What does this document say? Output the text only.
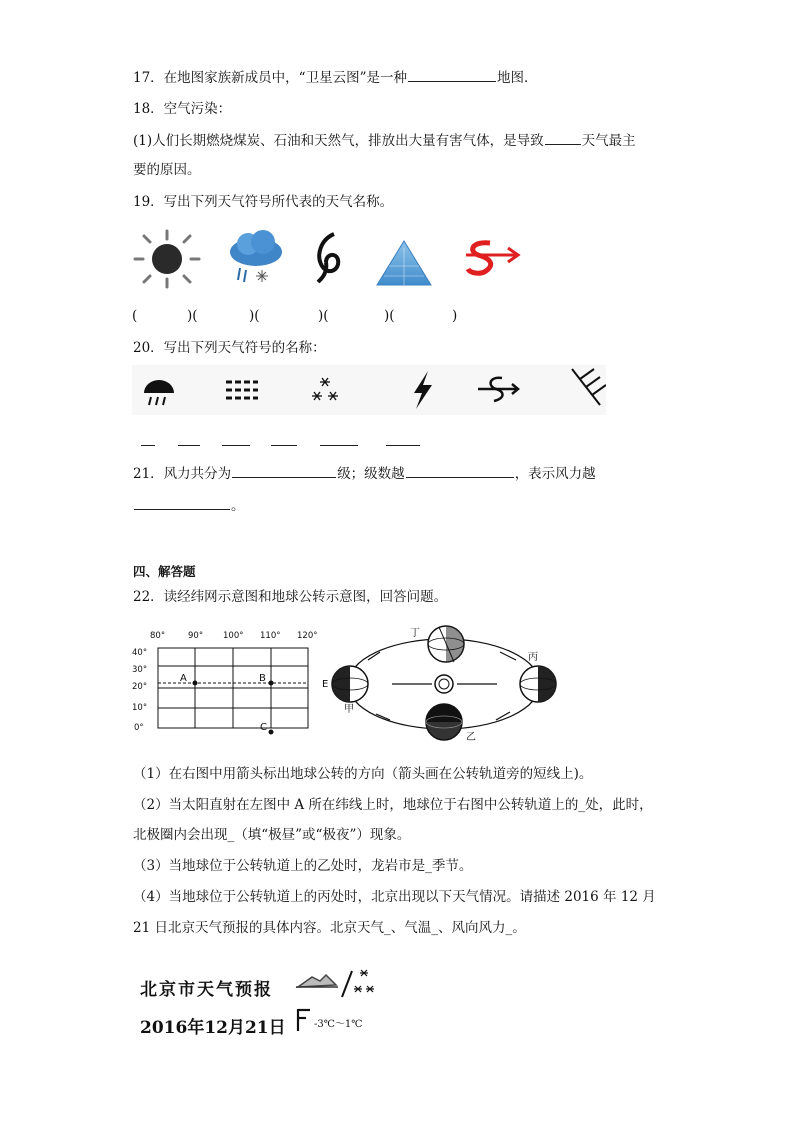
17．在地图家族新成员中，“卫星云图”是一种	地图．
18．空气污染：
(1)人们长期燃烧煤炭、石油和天然气，排放出大量有害气体，是导致	天气最主
要的原因。
19．写出下列天气符号所代表的天气名称。
(	)(	)(	)(	)(	)
20．写出下列天气符号的名称：
21．风力共分为	级；级数越	，表示风力越
。
四、解答题
22．读经纬网示意图和地球公转示意图，回答问题。
80°	90° 100° 110° 120°
40°
30°
20°
10°
0°
A	B
C
丁
丙
乙
甲
E
（1）在右图中用箭头标出地球公转的方向（箭头画在公转轨道旁的短线上)。
（2）当太阳直射在左图中 A 所在纬线上时，地球位于右图中公转轨道上的_处，此时，
北极圈内会出现_（填“极昼”或“极夜”）现象。
（3）当地球位于公转轨道上的乙处时，龙岩市是_季节。
（4）当地球位于公转轨道上的丙处时，北京出现以下天气情况。请描述 2016 年 12 月
21 日北京天气预报的具体内容。北京天气_、气温_、风向风力_。
北京市天气预报
2016年12月21日	-3℃～1℃
